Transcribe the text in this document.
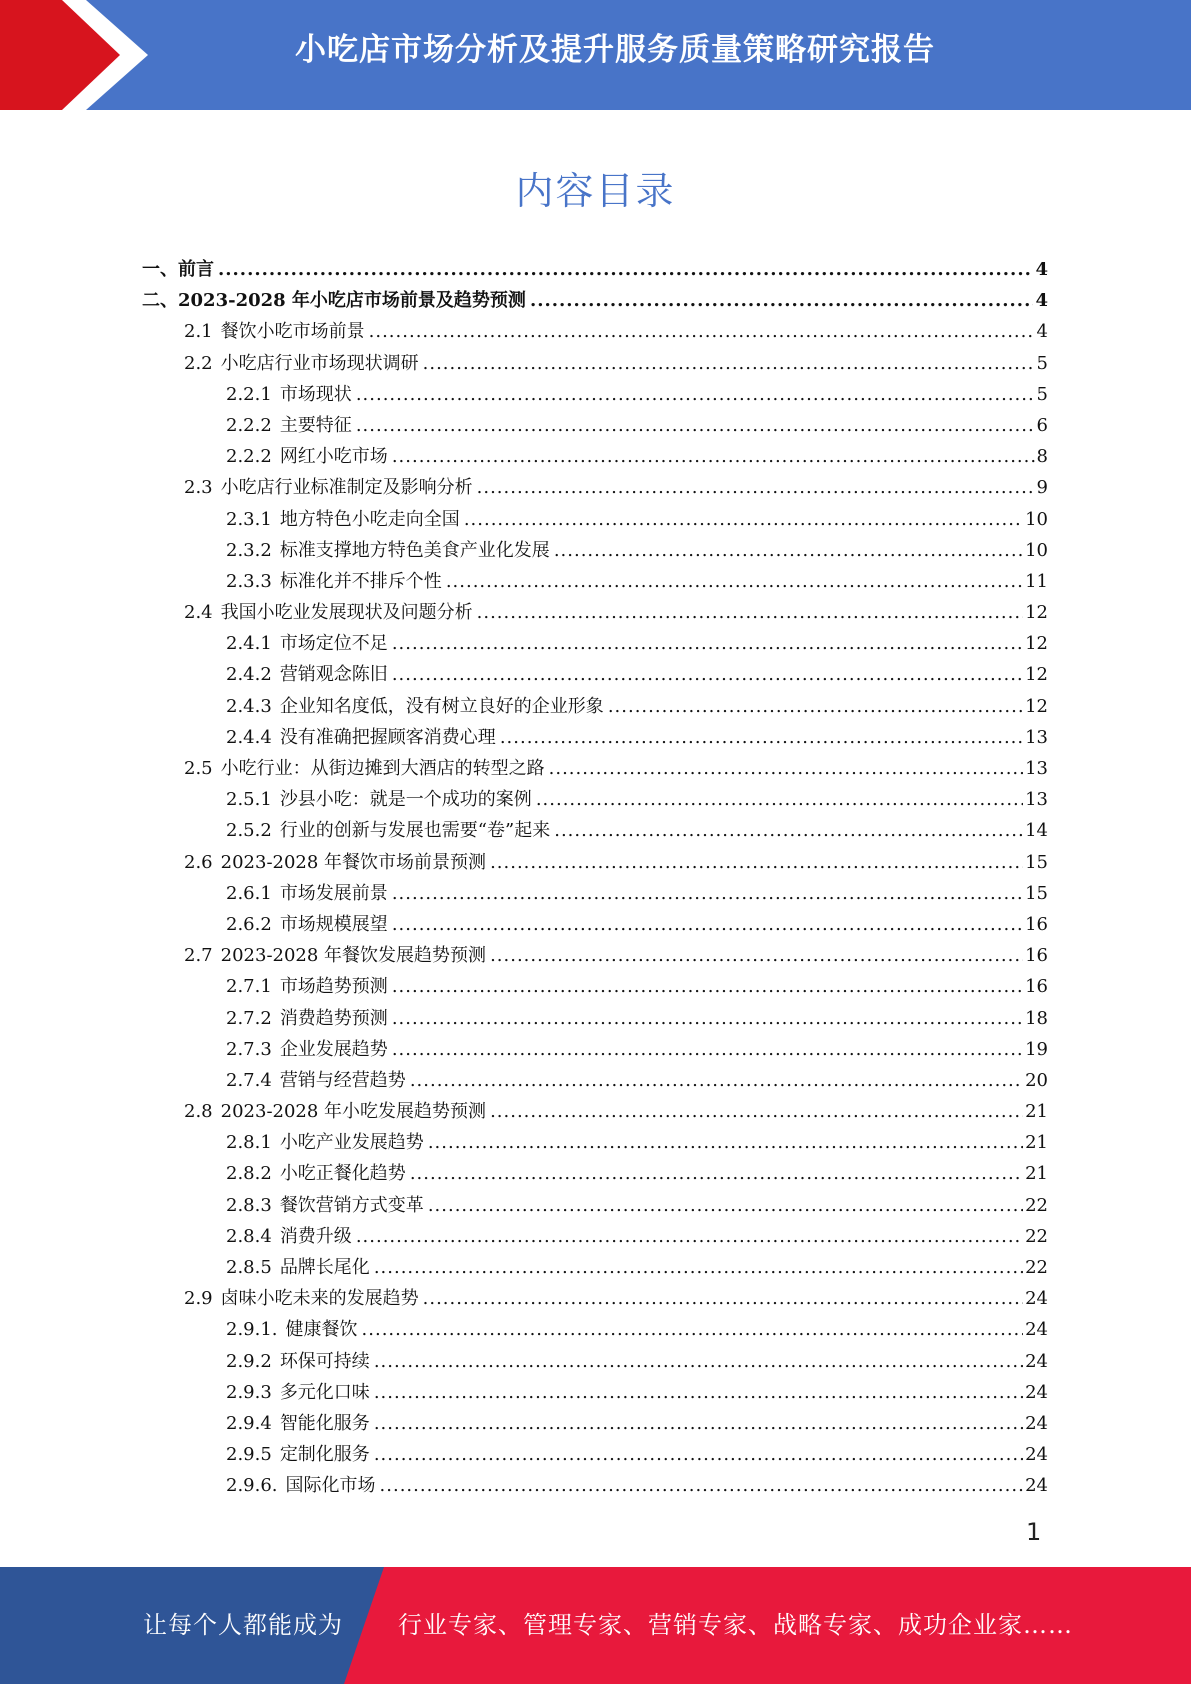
小吃店市场分析及提升服务质量策略研究报告
内容目录
一、 前言 .....	4
二、 2023-2028 年小吃店市场前景及趋势预测 .....	4
2.1 餐饮小吃市场前景 .....	4
2.2 小吃店行业市场现状调研 .....	5
2.2.1 市场现状 .....	5
2.2.2 主要特征 .....	6
2.2.2 网红小吃市场 .....	8
2.3 小吃店行业标准制定及影响分析 .....	9
2.3.1 地方特色小吃走向全国 .....	10
2.3.2 标准支撑地方特色美食产业化发展 .....	10
2.3.3 标准化并不排斥个性 .....	11
2.4 我国小吃业发展现状及问题分析 .....	12
2.4.1 市场定位不足 .....	12
2.4.2 营销观念陈旧 .....	12
2.4.3 企业知名度低，没有树立良好的企业形象 .....	12
2.4.4 没有准确把握顾客消费心理 .....	13
2.5 小吃行业：从街边摊到大酒店的转型之路 .....	13
2.5.1 沙县小吃：就是一个成功的案例 .....	13
2.5.2 行业的创新与发展也需要“卷”起来 .....	14
2.6 2023-2028 年餐饮市场前景预测 .....	15
2.6.1 市场发展前景 .....	15
2.6.2 市场规模展望 .....	16
2.7 2023-2028 年餐饮发展趋势预测 .....	16
2.7.1 市场趋势预测 .....	16
2.7.2 消费趋势预测 .....	18
2.7.3 企业发展趋势 .....	19
2.7.4 营销与经营趋势 .....	20
2.8 2023-2028 年小吃发展趋势预测 .....	21
2.8.1 小吃产业发展趋势 .....	21
2.8.2 小吃正餐化趋势 .....	21
2.8.3 餐饮营销方式变革 .....	22
2.8.4 消费升级 .....	22
2.8.5 品牌长尾化 .....	22
2.9 卤味小吃未来的发展趋势 .....	24
2.9.1. 健康餐饮 .....	24
2.9.2 环保可持续 .....	24
2.9.3 多元化口味 .....	24
2.9.4 智能化服务 .....	24
2.9.5 定制化服务 .....	24
2.9.6. 国际化市场 .....	24
1
让每个人都能成为 行业专家、管理专家、营销专家、战略专家、成功企业家……
